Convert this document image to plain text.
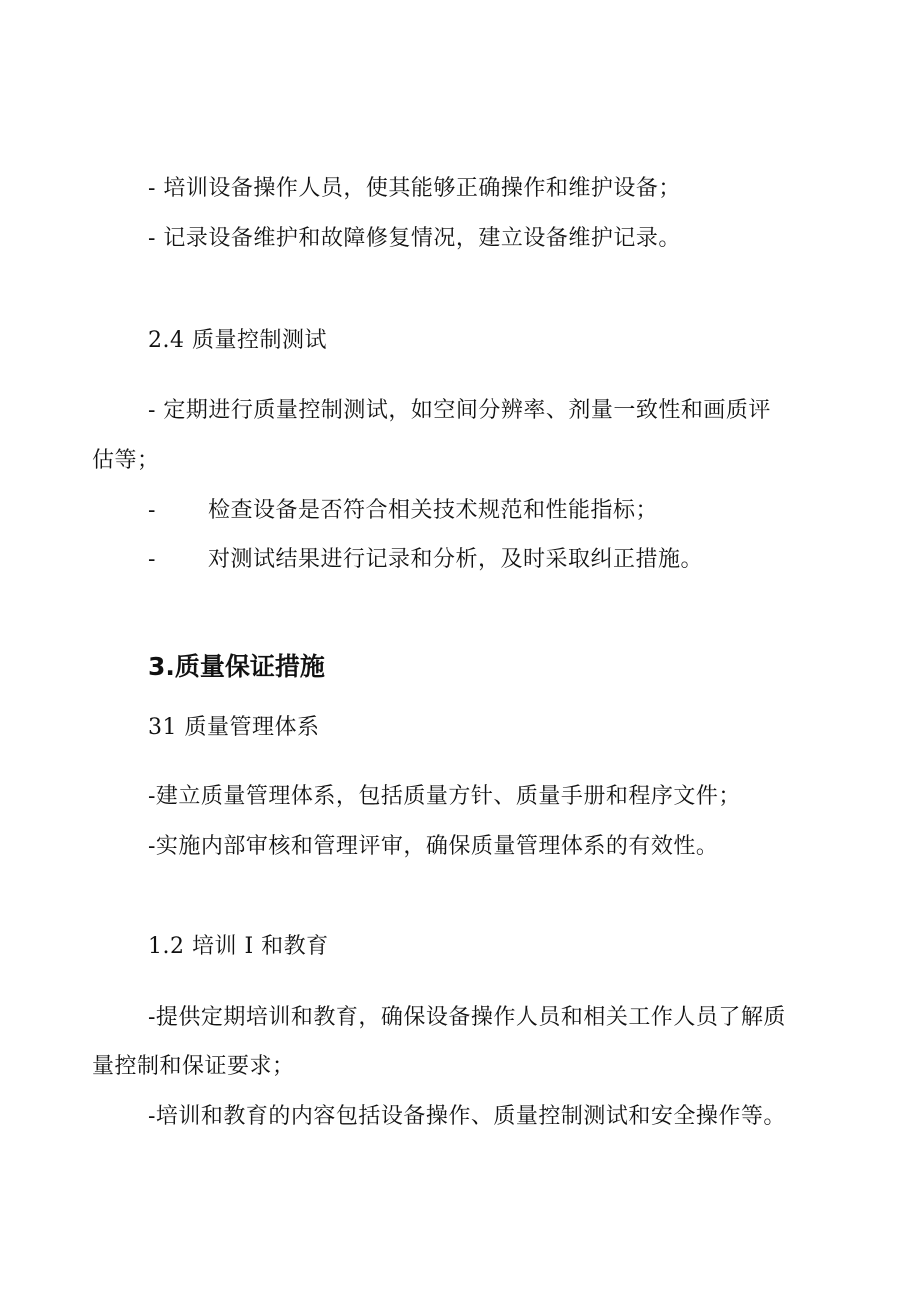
- 培训设备操作人员，使其能够正确操作和维护设备；
- 记录设备维护和故障修复情况，建立设备维护记录。
2.4 质量控制测试
- 定期进行质量控制测试，如空间分辨率、剂量一致性和画质评
估等；
- 检查设备是否符合相关技术规范和性能指标；
- 对测试结果进行记录和分析，及时采取纠正措施。
3.质量保证措施
31 质量管理体系
-建立质量管理体系，包括质量方针、质量手册和程序文件；
-实施内部审核和管理评审，确保质量管理体系的有效性。
1.2 培训 I 和教育
-提供定期培训和教育，确保设备操作人员和相关工作人员了解质
量控制和保证要求；
-培训和教育的内容包括设备操作、质量控制测试和安全操作等。
